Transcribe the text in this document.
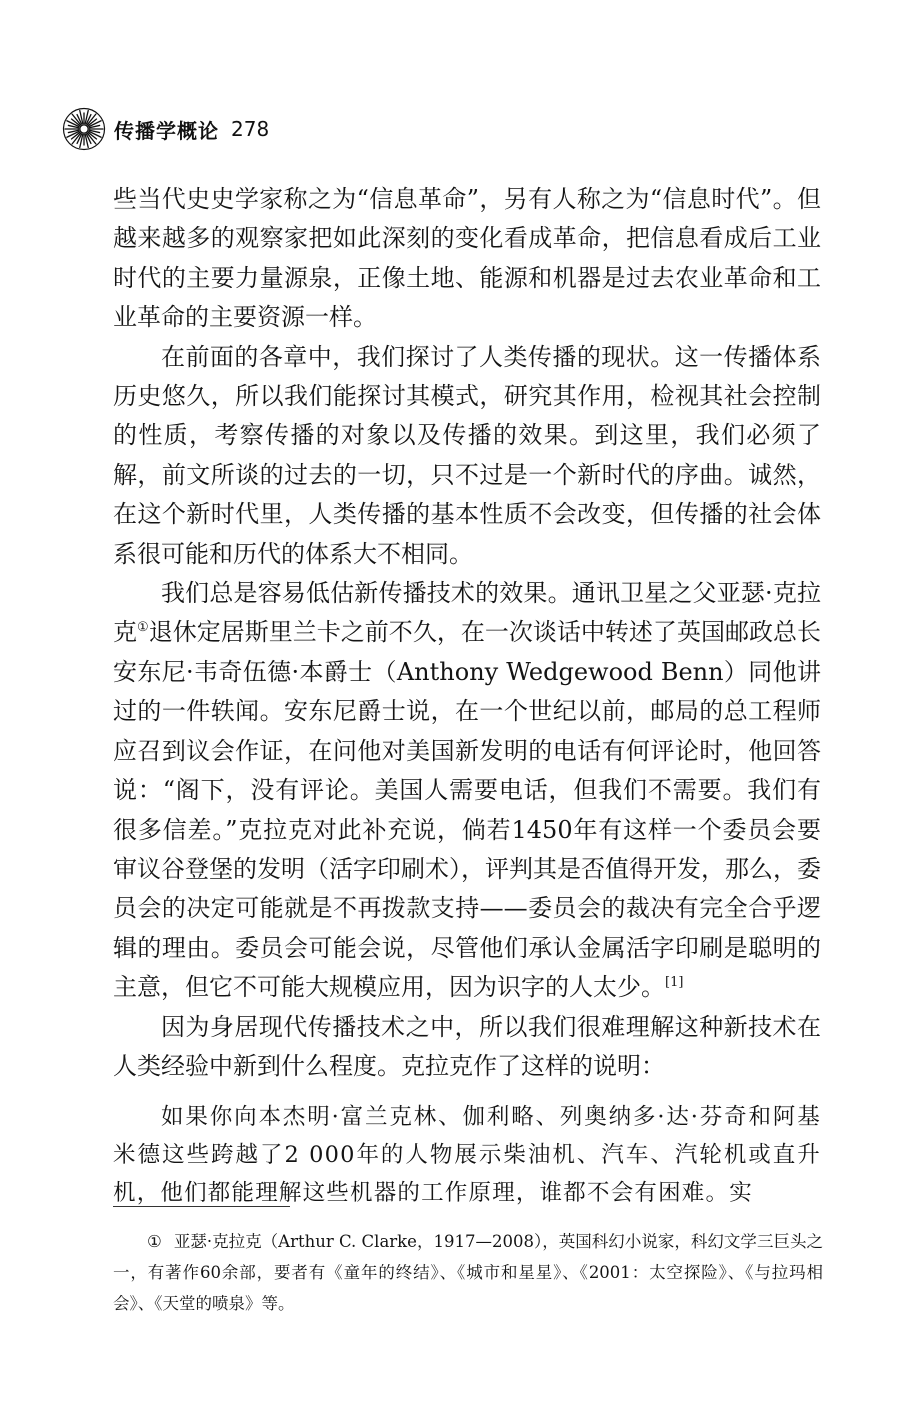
传播学概论 278

些当代史史学家称之为“信息革命”，另有人称之为“信息时代”。但越来越多的观察家把如此深刻的变化看成革命，把信息看成后工业时代的主要力量源泉，正像土地、能源和机器是过去农业革命和工业革命的主要资源一样。

在前面的各章中，我们探讨了人类传播的现状。这一传播体系历史悠久，所以我们能探讨其模式，研究其作用，检视其社会控制的性质，考察传播的对象以及传播的效果。到这里，我们必须了解，前文所谈的过去的一切，只不过是一个新时代的序曲。诚然，在这个新时代里，人类传播的基本性质不会改变，但传播的社会体系很可能和历代的体系大不相同。

我们总是容易低估新传播技术的效果。通讯卫星之父亚瑟·克拉克①退休定居斯里兰卡之前不久，在一次谈话中转述了英国邮政总长安东尼·韦奇伍德·本爵士（Anthony Wedgewood Benn）同他讲过的一件轶闻。安东尼爵士说，在一个世纪以前，邮局的总工程师应召到议会作证，在问他对美国新发明的电话有何评论时，他回答说：“阁下，没有评论。美国人需要电话，但我们不需要。我们有很多信差。”克拉克对此补充说，倘若1450年有这样一个委员会要审议谷登堡的发明（活字印刷术），评判其是否值得开发，那么，委员会的决定可能就是不再拨款支持——委员会的裁决有完全合乎逻辑的理由。委员会可能会说，尽管他们承认金属活字印刷是聪明的主意，但它不可能大规模应用，因为识字的人太少。[1]

因为身居现代传播技术之中，所以我们很难理解这种新技术在人类经验中新到什么程度。克拉克作了这样的说明：

如果你向本杰明·富兰克林、伽利略、列奥纳多·达·芬奇和阿基米德这些跨越了2 000年的人物展示柴油机、汽车、汽轮机或直升机，他们都能理解这些机器的工作原理，谁都不会有困难。实

① 亚瑟·克拉克（Arthur C. Clarke，1917—2008），英国科幻小说家，科幻文学三巨头之一，有著作60余部，要者有《童年的终结》、《城市和星星》、《2001：太空探险》、《与拉玛相会》、《天堂的喷泉》等。
